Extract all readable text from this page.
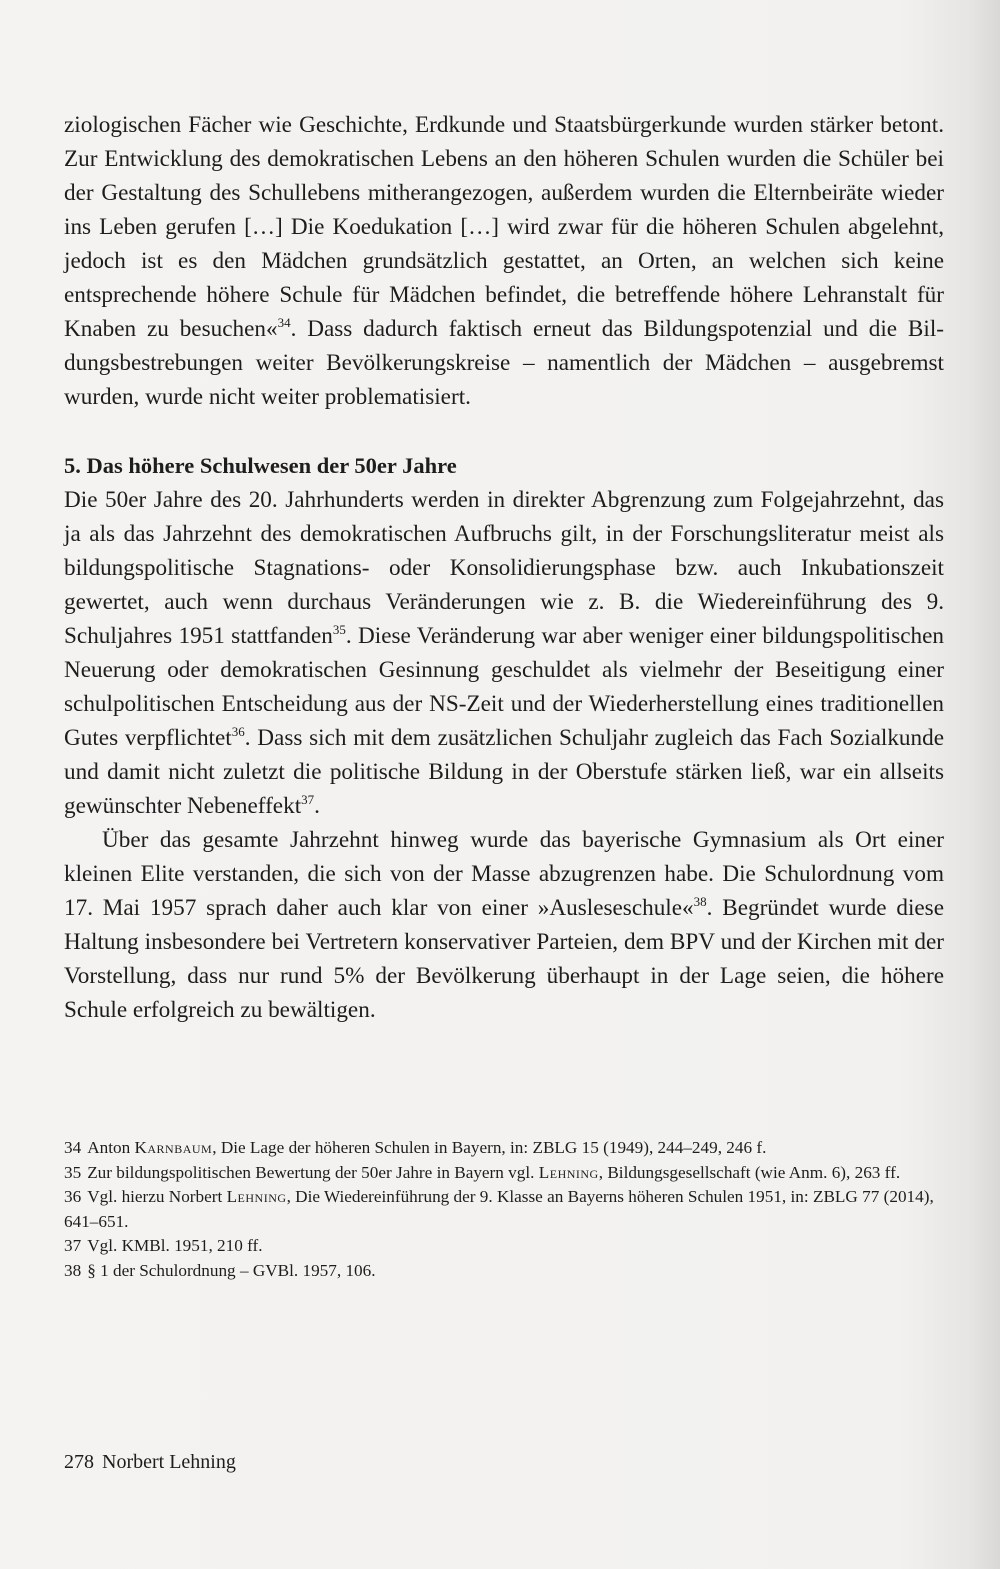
ziologischen Fächer wie Geschichte, Erdkunde und Staatsbürgerkunde wurden stärker betont. Zur Entwicklung des demokratischen Lebens an den höheren Schulen wurden die Schüler bei der Gestaltung des Schullebens mitherangezogen, außerdem wurden die Elternbeiräte wieder ins Leben gerufen […] Die Koedukation […] wird zwar für die höheren Schulen abgelehnt, jedoch ist es den Mädchen grundsätzlich gestattet, an Orten, an welchen sich keine entsprechende höhere Schule für Mädchen befindet, die betreffende höhere Lehranstalt für Knaben zu besuchen«$^{34}$. Dass dadurch faktisch erneut das Bildungspotenzial und die Bildungsbestrebungen weiter Bevölkerungskreise – namentlich der Mädchen – ausgebremst wurden, wurde nicht weiter problematisiert.

5. Das höhere Schulwesen der 50er Jahre

Die 50er Jahre des 20. Jahrhunderts werden in direkter Abgrenzung zum Folgejahrzehnt, das ja als das Jahrzehnt des demokratischen Aufbruchs gilt, in der Forschungsliteratur meist als bildungspolitische Stagnations- oder Konsolidierungsphase bzw. auch Inkubationszeit gewertet, auch wenn durchaus Veränderungen wie z. B. die Wiedereinführung des 9. Schuljahres 1951 stattfanden$^{35}$. Diese Veränderung war aber weniger einer bildungspolitischen Neuerung oder demokratischen Gesinnung geschuldet als vielmehr der Beseitigung einer schulpolitischen Entscheidung aus der NS-Zeit und der Wiederherstellung eines traditionellen Gutes verpflichtet$^{36}$. Dass sich mit dem zusätzlichen Schuljahr zugleich das Fach Sozialkunde und damit nicht zuletzt die politische Bildung in der Oberstufe stärken ließ, war ein allseits gewünschter Nebeneffekt$^{37}$.

Über das gesamte Jahrzehnt hinweg wurde das bayerische Gymnasium als Ort einer kleinen Elite verstanden, die sich von der Masse abzugrenzen habe. Die Schulordnung vom 17. Mai 1957 sprach daher auch klar von einer »Ausleseschule«$^{38}$. Begründet wurde diese Haltung insbesondere bei Vertretern konservativer Parteien, dem BPV und der Kirchen mit der Vorstellung, dass nur rund 5% der Bevölkerung überhaupt in der Lage seien, die höhere Schule erfolgreich zu bewältigen.

34 Anton Karnbaum, Die Lage der höheren Schulen in Bayern, in: ZBLG 15 (1949), 244–249, 246 f.

35 Zur bildungspolitischen Bewertung der 50er Jahre in Bayern vgl. Lehning, Bildungsgesellschaft (wie Anm. 6), 263 ff.

36 Vgl. hierzu Norbert Lehning, Die Wiedereinführung der 9. Klasse an Bayerns höheren Schulen 1951, in: ZBLG 77 (2014), 641–651.

37 Vgl. KMBl. 1951, 210 ff.

38 § 1 der Schulordnung – GVBl. 1957, 106.

278 Norbert Lehning
